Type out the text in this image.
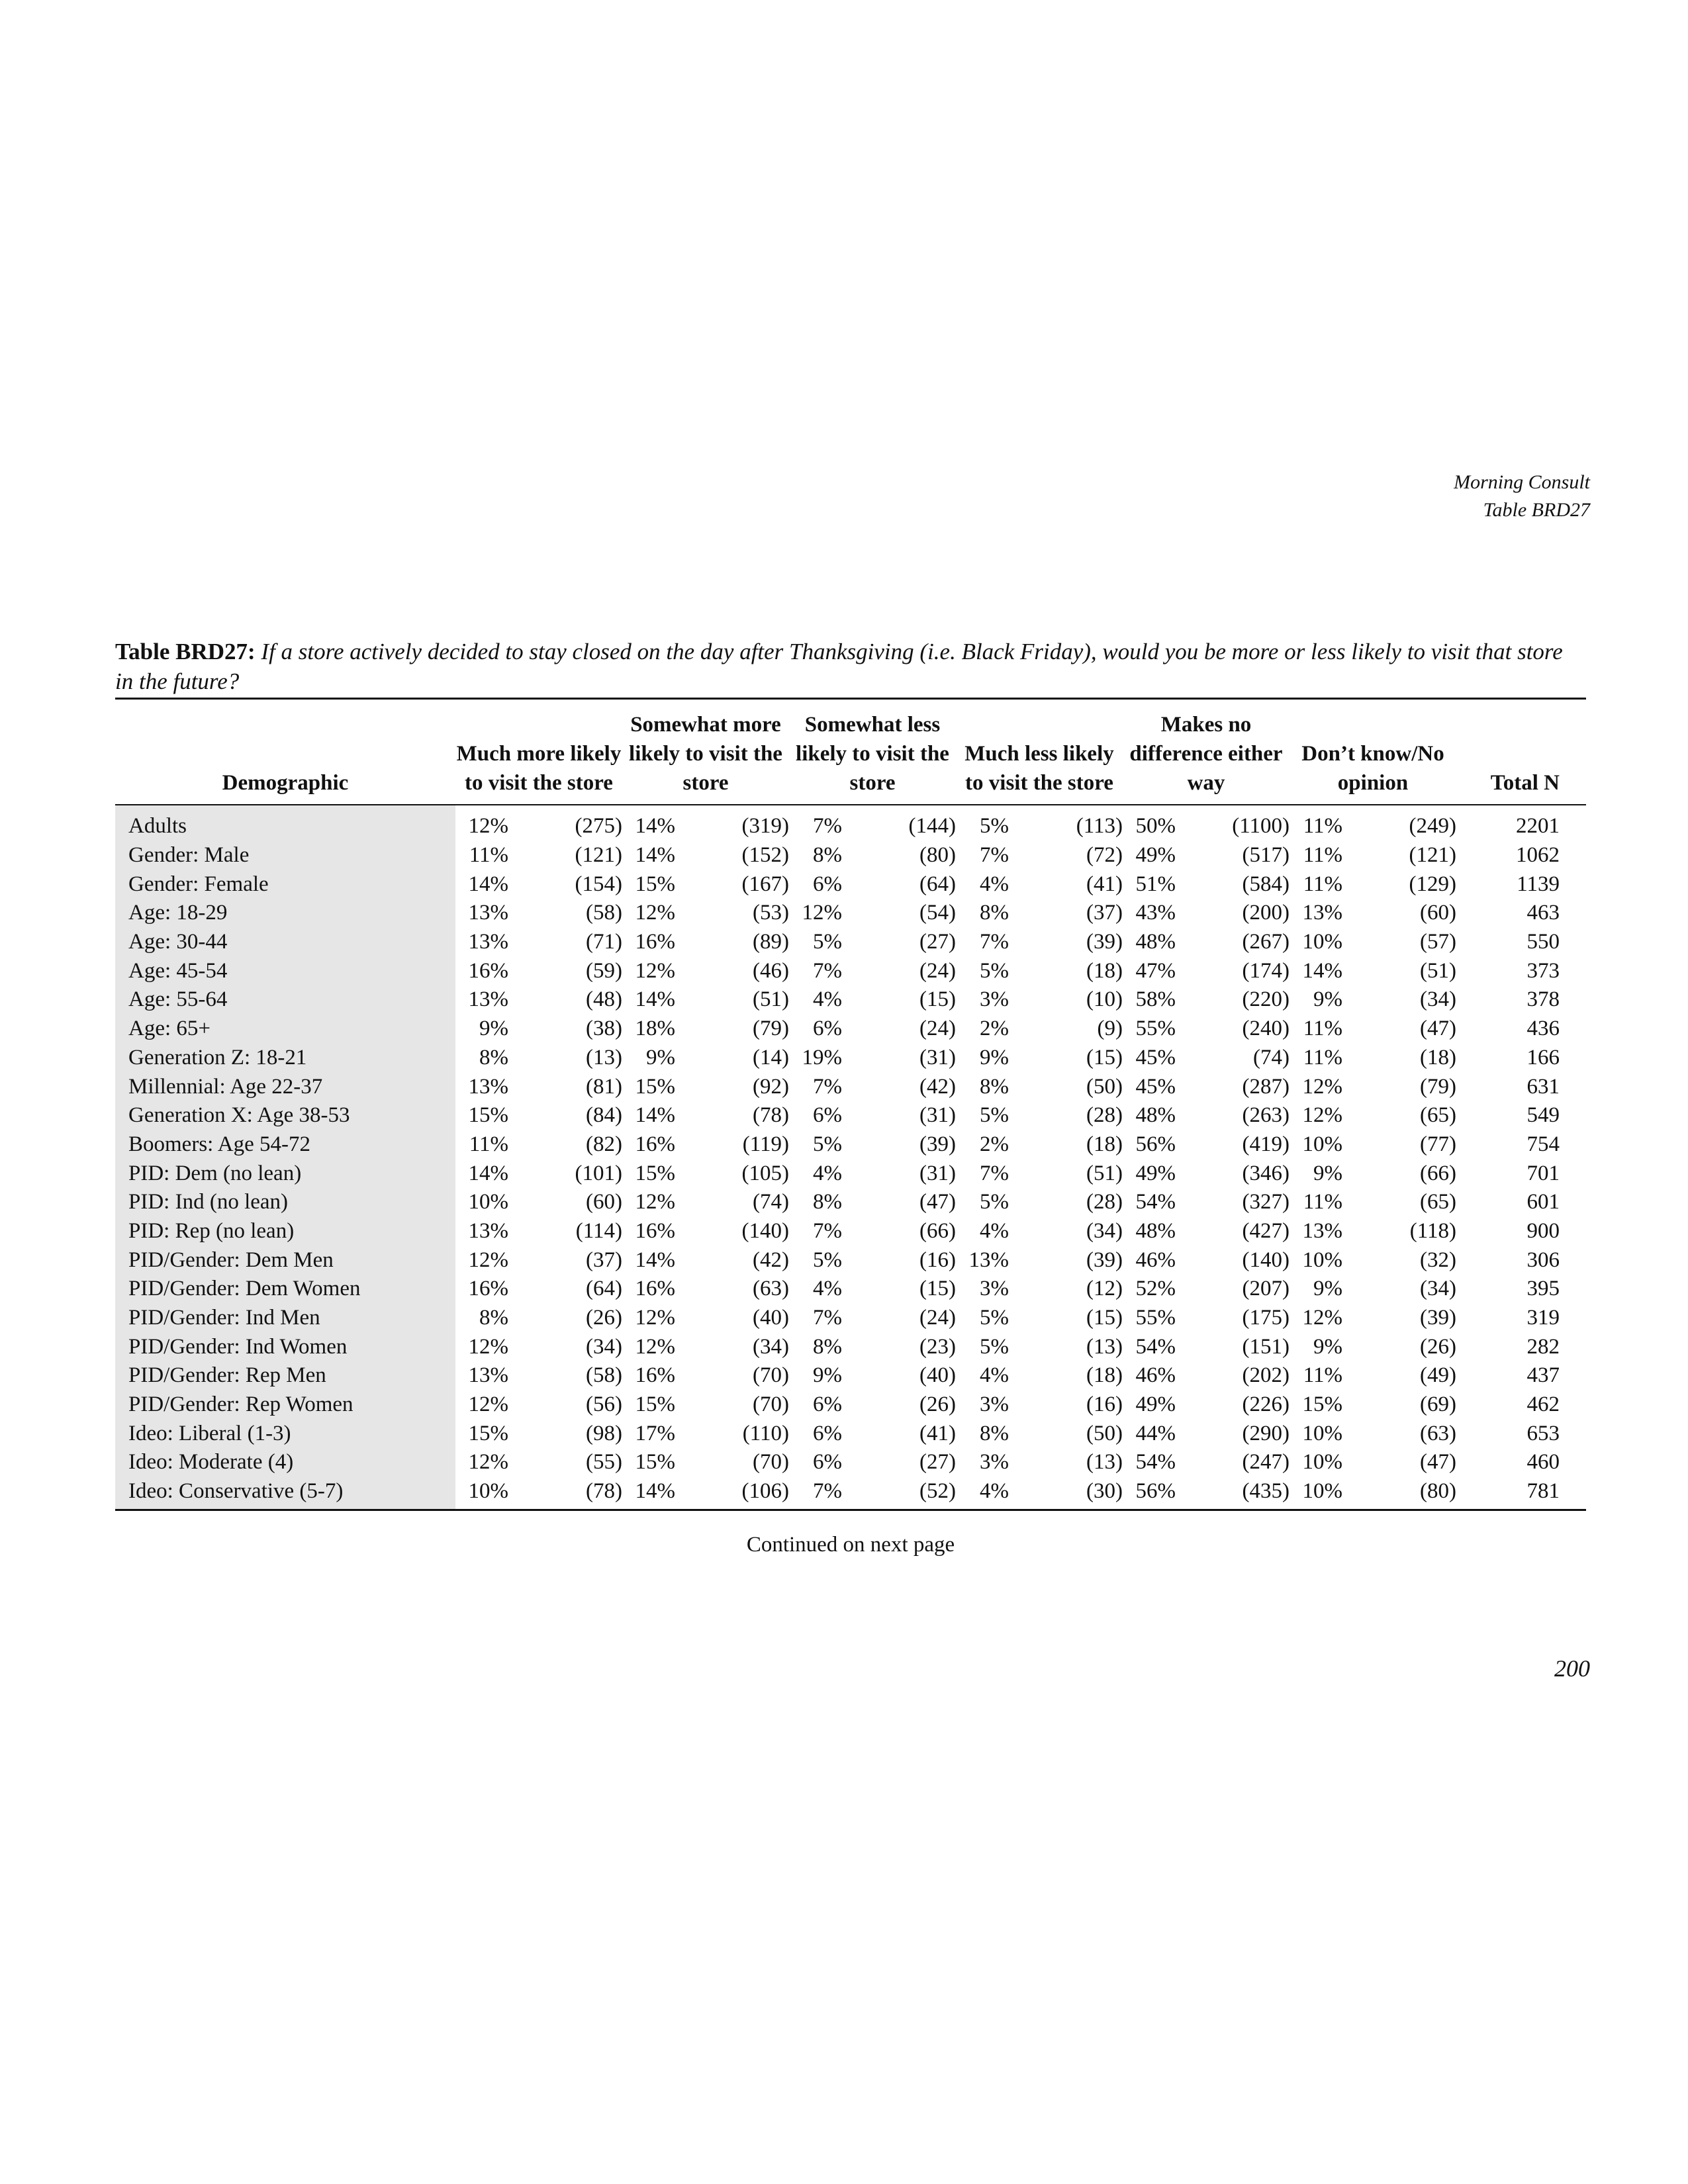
Morning Consult
Table BRD27
Table BRD27: If a store actively decided to stay closed on the day after Thanksgiving (i.e. Black Friday), would you be more or less likely to visit that store in the future?
Demographic	Much more likely to visit the store		Somewhat more likely to visit the store		Somewhat less likely to visit the store		Much less likely to visit the store		Makes no difference either way		Don’t know/No opinion		Total N
Adults	12%	(275)	14%	(319)	7%	(144)	5%	(113)	50%	(1100)	11%	(249)	2201
Gender: Male	11%	(121)	14%	(152)	8%	(80)	7%	(72)	49%	(517)	11%	(121)	1062
Gender: Female	14%	(154)	15%	(167)	6%	(64)	4%	(41)	51%	(584)	11%	(129)	1139
Age: 18-29	13%	(58)	12%	(53)	12%	(54)	8%	(37)	43%	(200)	13%	(60)	463
Age: 30-44	13%	(71)	16%	(89)	5%	(27)	7%	(39)	48%	(267)	10%	(57)	550
Age: 45-54	16%	(59)	12%	(46)	7%	(24)	5%	(18)	47%	(174)	14%	(51)	373
Age: 55-64	13%	(48)	14%	(51)	4%	(15)	3%	(10)	58%	(220)	9%	(34)	378
Age: 65+	9%	(38)	18%	(79)	6%	(24)	2%	(9)	55%	(240)	11%	(47)	436
Generation Z: 18-21	8%	(13)	9%	(14)	19%	(31)	9%	(15)	45%	(74)	11%	(18)	166
Millennial: Age 22-37	13%	(81)	15%	(92)	7%	(42)	8%	(50)	45%	(287)	12%	(79)	631
Generation X: Age 38-53	15%	(84)	14%	(78)	6%	(31)	5%	(28)	48%	(263)	12%	(65)	549
Boomers: Age 54-72	11%	(82)	16%	(119)	5%	(39)	2%	(18)	56%	(419)	10%	(77)	754
PID: Dem (no lean)	14%	(101)	15%	(105)	4%	(31)	7%	(51)	49%	(346)	9%	(66)	701
PID: Ind (no lean)	10%	(60)	12%	(74)	8%	(47)	5%	(28)	54%	(327)	11%	(65)	601
PID: Rep (no lean)	13%	(114)	16%	(140)	7%	(66)	4%	(34)	48%	(427)	13%	(118)	900
PID/Gender: Dem Men	12%	(37)	14%	(42)	5%	(16)	13%	(39)	46%	(140)	10%	(32)	306
PID/Gender: Dem Women	16%	(64)	16%	(63)	4%	(15)	3%	(12)	52%	(207)	9%	(34)	395
PID/Gender: Ind Men	8%	(26)	12%	(40)	7%	(24)	5%	(15)	55%	(175)	12%	(39)	319
PID/Gender: Ind Women	12%	(34)	12%	(34)	8%	(23)	5%	(13)	54%	(151)	9%	(26)	282
PID/Gender: Rep Men	13%	(58)	16%	(70)	9%	(40)	4%	(18)	46%	(202)	11%	(49)	437
PID/Gender: Rep Women	12%	(56)	15%	(70)	6%	(26)	3%	(16)	49%	(226)	15%	(69)	462
Ideo: Liberal (1-3)	15%	(98)	17%	(110)	6%	(41)	8%	(50)	44%	(290)	10%	(63)	653
Ideo: Moderate (4)	12%	(55)	15%	(70)	6%	(27)	3%	(13)	54%	(247)	10%	(47)	460
Ideo: Conservative (5-7)	10%	(78)	14%	(106)	7%	(52)	4%	(30)	56%	(435)	10%	(80)	781
Continued on next page
200
